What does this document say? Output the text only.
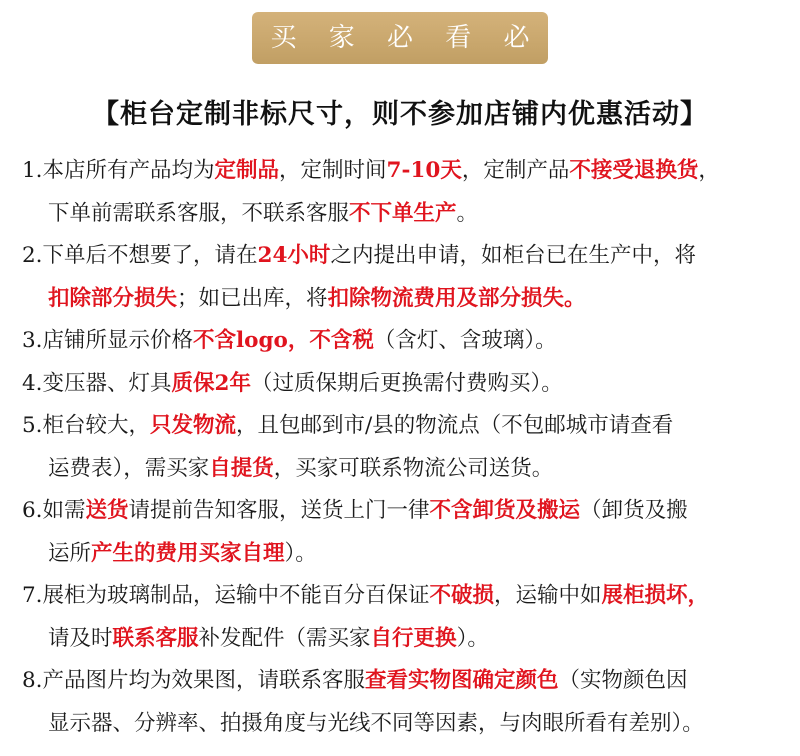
买 家 必 看 必 读
【柜台定制非标尺寸，则不参加店铺内优惠活动】
1.本店所有产品均为定制品，定制时间7-10天，定制产品不接受退换货，
下单前需联系客服，不联系客服不下单生产。
2.下单后不想要了，请在24小时之内提出申请，如柜台已在生产中，将
扣除部分损失；如已出库，将扣除物流费用及部分损失。
3.店铺所显示价格不含logo，不含税（含灯、含玻璃）。
4.变压器、灯具质保2年（过质保期后更换需付费购买）。
5.柜台较大，只发物流，且包邮到市/县的物流点（不包邮城市请查看
运费表），需买家自提货，买家可联系物流公司送货。
6.如需送货请提前告知客服，送货上门一律不含卸货及搬运（卸货及搬
运所产生的费用买家自理）。
7.展柜为玻璃制品，运输中不能百分百保证不破损，运输中如展柜损坏，
请及时联系客服补发配件（需买家自行更换）。
8.产品图片均为效果图，请联系客服查看实物图确定颜色（实物颜色因
显示器、分辨率、拍摄角度与光线不同等因素，与肉眼所看有差别）。
